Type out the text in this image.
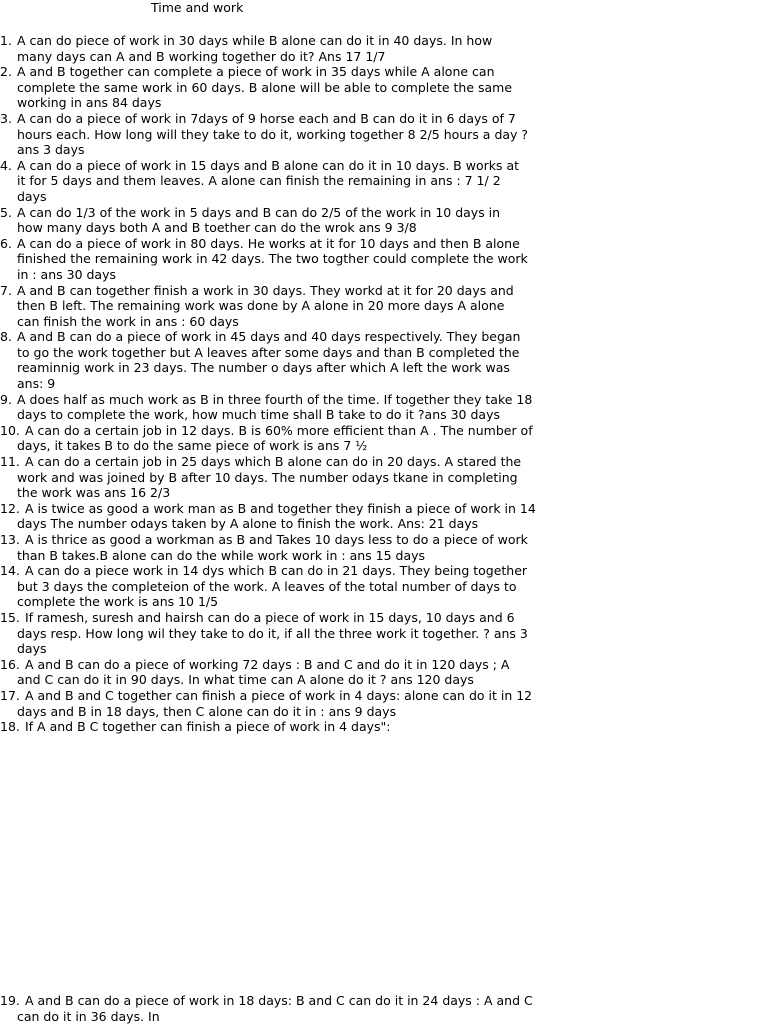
Time and work
1. A can do piece of work in 30 days while B alone can do it in 40 days. In how
many days can A and B working together do it? Ans 17 1/7
2. A and B together can complete a piece of work in 35 days while A alone can
complete the same work in 60 days. B alone will be able to complete the same
working in ans 84 days
3. A can do a piece of work in 7days of 9 horse each and B can do it in 6 days of 7
hours each. How long will they take to do it, working together 8 2/5 hours a day ?
ans 3 days
4. A can do a piece of work in 15 days and B alone can do it in 10 days. B works at
it for 5 days and them leaves. A alone can finish the remaining in ans : 7 1/ 2
days
5. A can do 1/3 of the work in 5 days and B can do 2/5 of the work in 10 days in
how many days both A and B toether can do the wrok ans 9 3/8
6. A can do a piece of work in 80 days. He works at it for 10 days and then B alone
finished the remaining work in 42 days. The two togther could complete the work
in : ans 30 days
7. A and B can together finish a work in 30 days. They workd at it for 20 days and
then B left. The remaining work was done by A alone in 20 more days A alone
can finish the work in ans : 60 days
8. A and B can do a piece of work in 45 days and 40 days respectively. They began
to go the work together but A leaves after some days and than B completed the
reaminnig work in 23 days. The number o days after which A left the work was
ans: 9
9. A does half as much work as B in three fourth of the time. If together they take 18
days to complete the work, how much time shall B take to do it ?ans 30 days
10. A can do a certain job in 12 days. B is 60% more efficient than A . The number of
days, it takes B to do the same piece of work is ans 7 ½
11. A can do a certain job in 25 days which B alone can do in 20 days. A stared the
work and was joined by B after 10 days. The number odays tkane in completing
the work was ans 16 2/3
12. A is twice as good a work man as B and together they finish a piece of work in 14
days The number odays taken by A alone to finish the work. Ans: 21 days
13. A is thrice as good a workman as B and Takes 10 days less to do a piece of work
than B takes.B alone can do the while work work in : ans 15 days
14. A can do a piece work in 14 dys which B can do in 21 days. They being together
but 3 days the completeion of the work. A leaves of the total number of days to
complete the work is ans 10 1/5
15. If ramesh, suresh and hairsh can do a piece of work in 15 days, 10 days and 6
days resp. How long wil they take to do it, if all the three work it together. ? ans 3
days
16. A and B can do a piece of working 72 days : B and C and do it in 120 days ; A
and C can do it in 90 days. In what time can A alone do it ? ans 120 days
17. A and B and C together can finish a piece of work in 4 days: alone can do it in 12
days and B in 18 days, then C alone can do it in : ans 9 days
18. If A and B C together can finish a piece of work in 4 days":
19. A and B can do a piece of work in 18 days: B and C can do it in 24 days : A and C
can do it in 36 days. In
